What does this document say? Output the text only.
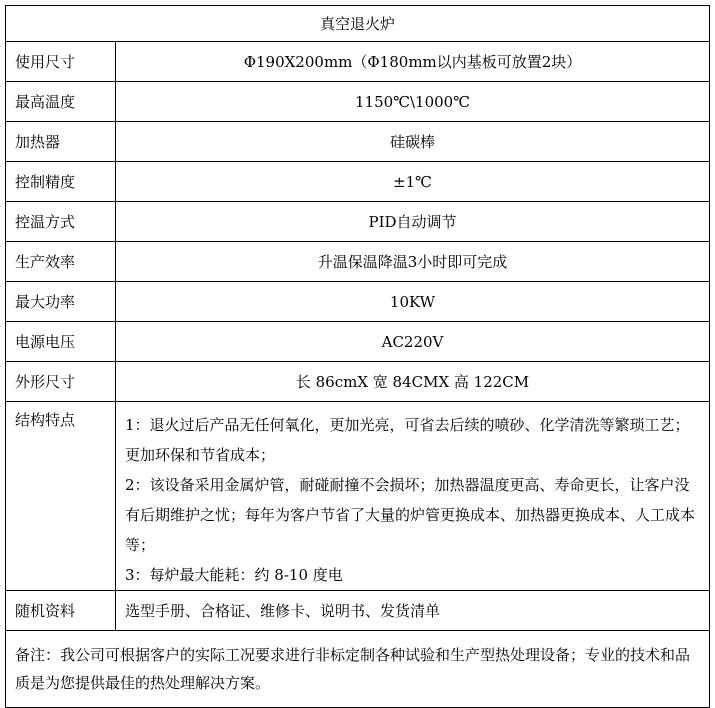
真空退火炉	
使用尺寸	Φ190X200mm（Φ180mm以内基板可放置2块）
最高温度	1150℃\1000℃
加热器	硅碳棒
控制精度	±1℃
控温方式	PID自动调节
生产效率	升温保温降温3小时即可完成
最大功率	10KW
电源电压	AC220V
外形尺寸	长 86cmX 宽 84CMX 高 122CM
结构特点	1：退火过后产品无任何氧化，更加光亮，可省去后续的喷砂、化学清洗等繁琐工艺；更加环保和节省成本；
2：该设备采用金属炉管，耐碰耐撞不会损坏；加热器温度更高、寿命更长，让客户没有后期维护之忧；每年为客户节省了大量的炉管更换成本、加热器更换成本、人工成本等；
3：每炉最大能耗：约 8-10 度电

随机资料	选型手册、合格证、维修卡、说明书、发货清单
备注：我公司可根据客户的实际工况要求进行非标定制各种试验和生产型热处理设备；专业的技术和品质是为您提供最佳的热处理解决方案。	
